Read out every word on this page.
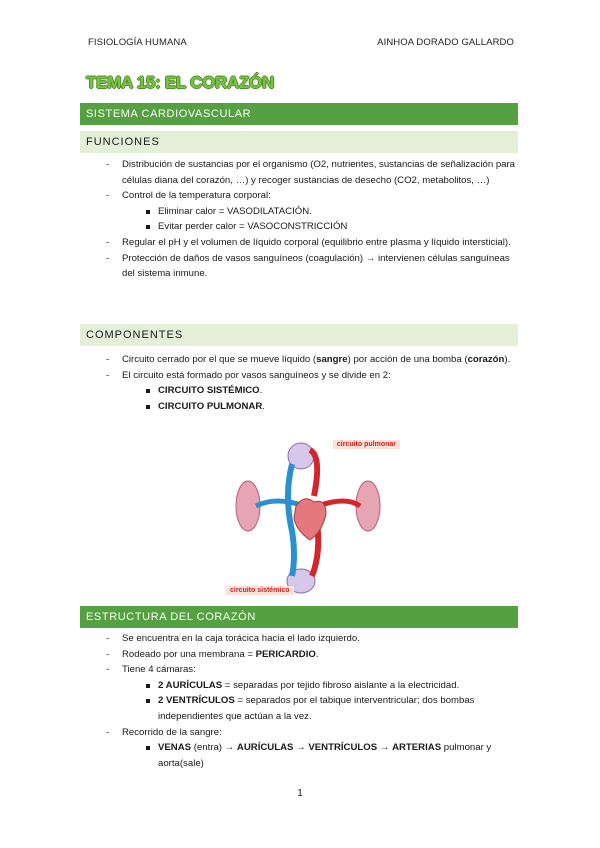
FISIOLOGÍA HUMANA	AINHOA DORADO GALLARDO
TEMA 15: EL CORAZÓN
SISTEMA CARDIOVASCULAR
FUNCIONES
- Distribución de sustancias por el organismo (O2, nutrientes, sustancias de señalización para células diana del corazón, …) y recoger sustancias de desecho (CO2, metabolitos, …)
- Control de la temperatura corporal:
Eliminar calor = VASODILATACIÓN.
Evitar perder calor = VASOCONSTRICCIÓN
- Regular el pH y el volumen de líquido corporal (equilibrio entre plasma y líquido intersticial).
- Protección de daños de vasos sanguíneos (coagulación) → intervienen células sanguíneas del sistema inmune.
COMPONENTES
- Circuito cerrado por el que se mueve líquido (sangre) por acción de una bomba (corazón).
- El circuito está formado por vasos sanguíneos y se divide en 2:
CIRCUITO SISTÉMICO.
CIRCUITO PULMONAR.
circuito pulmonar
circuito sistémico
ESTRUCTURA DEL CORAZÓN
- Se encuentra en la caja torácica hacia el lado izquierdo.
- Rodeado por una membrana = PERICARDIO.
- Tiene 4 cámaras:
2 AURÍCULAS = separadas por tejido fibroso aislante a la electricidad.
2 VENTRÍCULOS = separados por el tabique interventricular; dos bombas independientes que actúan a la vez.
- Recorrido de la sangre:
VENAS (entra) → AURÍCULAS → VENTRÍCULOS → ARTERIAS pulmonar y aorta(sale)
1
